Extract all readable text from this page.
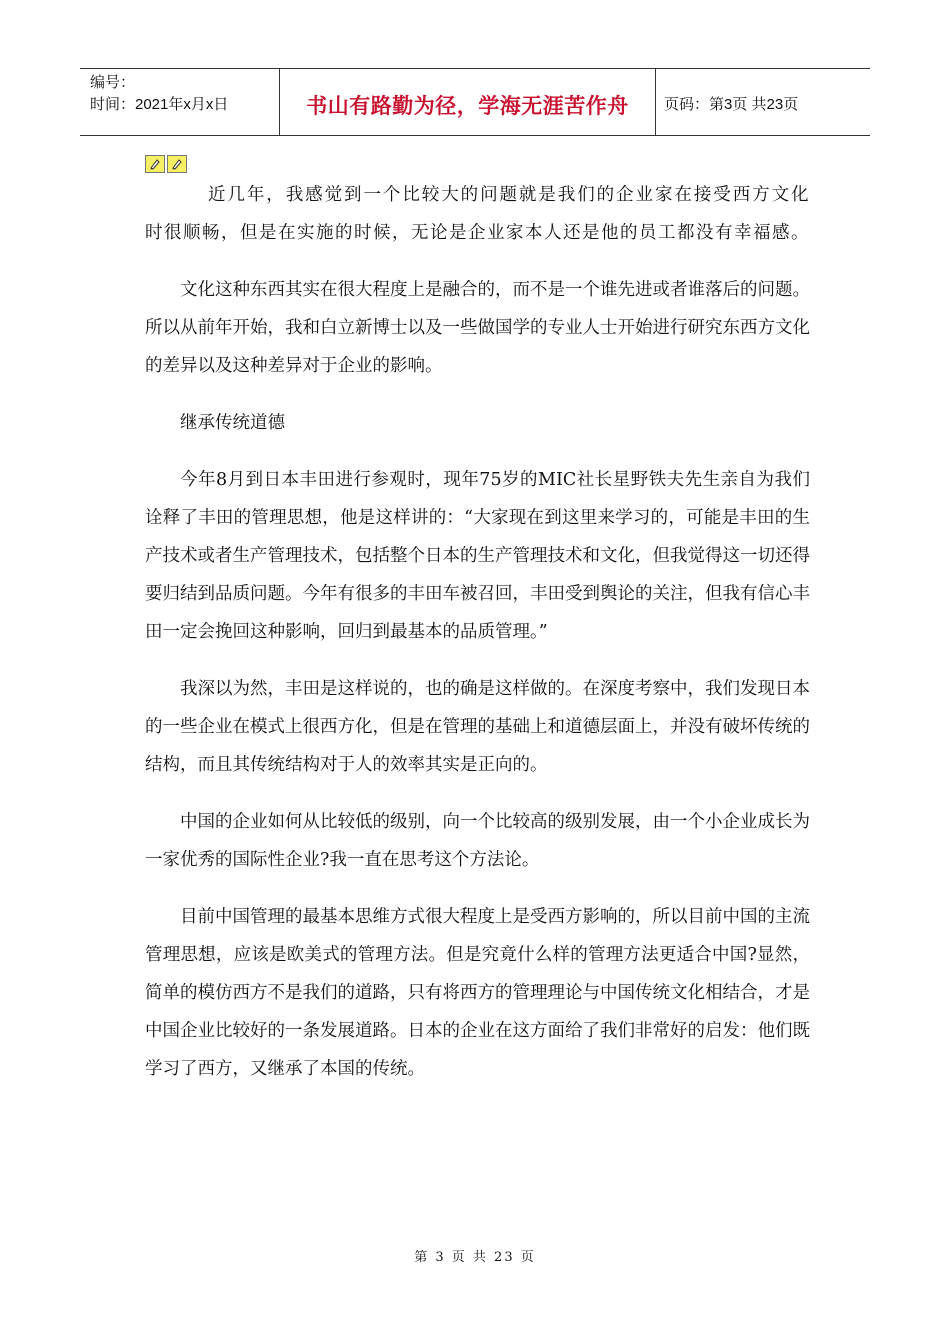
编号：
时间：2021年x月x日	书山有路勤为径，学海无涯苦作舟	页码：第3页 共23页

近几年，我感觉到一个比较大的问题就是我们的企业家在接受西方文化时很顺畅，但是在实施的时候，无论是企业家本人还是他的员工都没有幸福感。

文化这种东西其实在很大程度上是融合的，而不是一个谁先进或者谁落后的问题。所以从前年开始，我和白立新博士以及一些做国学的专业人士开始进行研究东西方文化的差异以及这种差异对于企业的影响。

继承传统道德

今年8月到日本丰田进行参观时，现年75岁的MIC社长星野铁夫先生亲自为我们诠释了丰田的管理思想，他是这样讲的：“大家现在到这里来学习的，可能是丰田的生产技术或者生产管理技术，包括整个日本的生产管理技术和文化，但我觉得这一切还得要归结到品质问题。今年有很多的丰田车被召回，丰田受到舆论的关注，但我有信心丰田一定会挽回这种影响，回归到最基本的品质管理。”

我深以为然，丰田是这样说的，也的确是这样做的。在深度考察中，我们发现日本的一些企业在模式上很西方化，但是在管理的基础上和道德层面上，并没有破坏传统的结构，而且其传统结构对于人的效率其实是正向的。

中国的企业如何从比较低的级别，向一个比较高的级别发展，由一个小企业成长为一家优秀的国际性企业?我一直在思考这个方法论。

目前中国管理的最基本思维方式很大程度上是受西方影响的，所以目前中国的主流管理思想，应该是欧美式的管理方法。但是究竟什么样的管理方法更适合中国?显然，简单的模仿西方不是我们的道路，只有将西方的管理理论与中国传统文化相结合，才是中国企业比较好的一条发展道路。日本的企业在这方面给了我们非常好的启发：他们既学习了西方，又继承了本国的传统。

第 3 页 共 23 页
